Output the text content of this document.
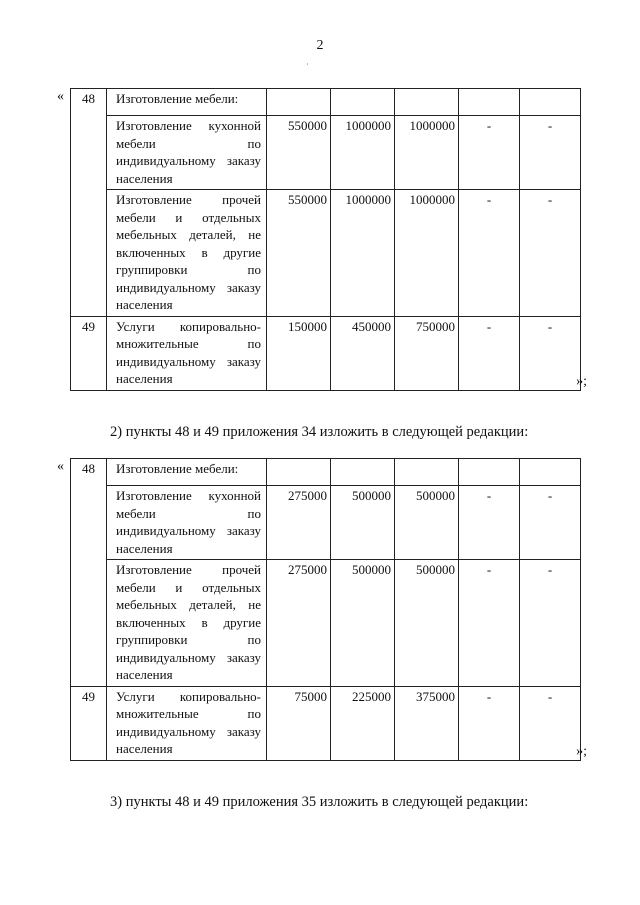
2
·
« 48	Изготовление мебели:					

	Изготовление кухонной мебели по индивидуальному заказу населения	550000	1000000	1000000	-	-

	Изготовление прочей мебели и отдельных мебельных деталей, не включенных в другие группировки по индивидуальному заказу населения	550000	1000000	1000000	-	-

49	Услуги копировально-множительные по индивидуальному заказу населения	150000	450000	750000	-	-
»;
2) пункты 48 и 49 приложения 34 изложить в следующей редакции:
« 48	Изготовление мебели:					

	Изготовление кухонной мебели по индивидуальному заказу населения	275000	500000	500000	-	-

	Изготовление прочей мебели и отдельных мебельных деталей, не включенных в другие группировки по индивидуальному заказу населения	275000	500000	500000	-	-

49	Услуги копировально-множительные по индивидуальному заказу населения	75000	225000	375000	-	-
»;
3) пункты 48 и 49 приложения 35 изложить в следующей редакции:
